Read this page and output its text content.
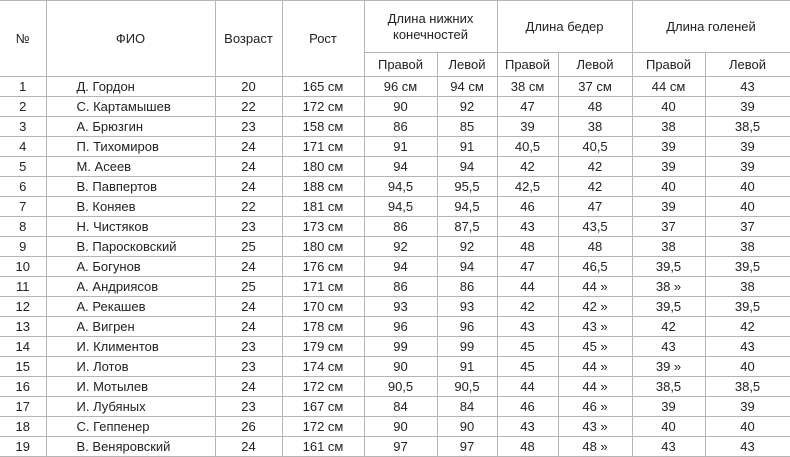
№	ФИО	Возраст	Рост	Длина нижних конечностей		Длина бедер		Длина голеней	
				Правой	Левой	Правой	Левой	Правой	Левой
1	Д. Гордон	20	165 см	96 см	94 см	38 см	37 см	44 см	43
2	С. Картамышев	22	172 см	90	92	47	48	40	39
3	А. Брюзгин	23	158 см	86	85	39	38	38	38,5
4	П. Тихомиров	24	171 см	91	91	40,5	40,5	39	39
5	М. Асеев	24	180 см	94	94	42	42	39	39
6	В. Павпертов	24	188 см	94,5	95,5	42,5	42	40	40
7	В. Коняев	22	181 см	94,5	94,5	46	47	39	40
8	Н. Чистяков	23	173 см	86	87,5	43	43,5	37	37
9	В. Паросковский	25	180 см	92	92	48	48	38	38
10	А. Богунов	24	176 см	94	94	47	46,5	39,5	39,5
11	А. Андриясов	25	171 см	86	86	44	44 »	38 »	38
12	А. Рекашев	24	170 см	93	93	42	42 »	39,5	39,5
13	А. Вигрен	24	178 см	96	96	43	43 »	42	42
14	И. Климентов	23	179 см	99	99	45	45 »	43	43
15	И. Лотов	23	174 см	90	91	45	44 »	39 »	40
16	И. Мотылев	24	172 см	90,5	90,5	44	44 »	38,5	38,5
17	И. Лубяных	23	167 см	84	84	46	46 »	39	39
18	С. Геппенер	26	172 см	90	90	43	43 »	40	40
19	В. Веняровский	24	161 см	97	97	48	48 »	43	43
